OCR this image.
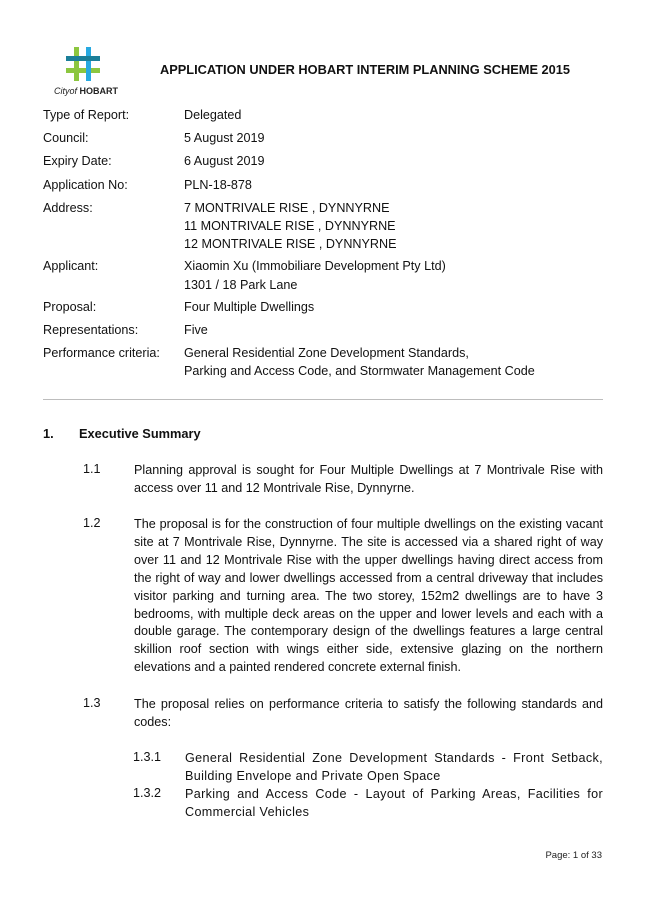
Cityof HOBART
APPLICATION UNDER HOBART INTERIM PLANNING SCHEME 2015
Type of Report:	Delegated
Council:	5 August 2019
Expiry Date:	6 August 2019
Application No:	PLN-18-878
Address:	7 MONTRIVALE RISE , DYNNYRNE
11 MONTRIVALE RISE , DYNNYRNE
12 MONTRIVALE RISE , DYNNYRNE
Applicant:	Xiaomin Xu (Immobiliare Development Pty Ltd)
1301 / 18 Park Lane
Proposal:	Four Multiple Dwellings
Representations:	Five
Performance criteria:	General Residential Zone Development Standards,
Parking and Access Code, and Stormwater Management Code
1. Executive Summary
1.1	Planning approval is sought for Four Multiple Dwellings at 7 Montrivale Rise with access over 11 and 12 Montrivale Rise, Dynnyrne.
1.2	The proposal is for the construction of four multiple dwellings on the existing vacant site at 7 Montrivale Rise, Dynnyrne. The site is accessed via a shared right of way over 11 and 12 Montrivale Rise with the upper dwellings having direct access from the right of way and lower dwellings accessed from a central driveway that includes visitor parking and turning area. The two storey, 152m2 dwellings are to have 3 bedrooms, with multiple deck areas on the upper and lower levels and each with a double garage. The contemporary design of the dwellings features a large central skillion roof section with wings either side, extensive glazing on the northern elevations and a painted rendered concrete external finish.
1.3	The proposal relies on performance criteria to satisfy the following standards and codes:
1.3.1	General Residential Zone Development Standards - Front Setback, Building Envelope and Private Open Space
1.3.2	Parking and Access Code - Layout of Parking Areas, Facilities for Commercial Vehicles
Page: 1 of 33
